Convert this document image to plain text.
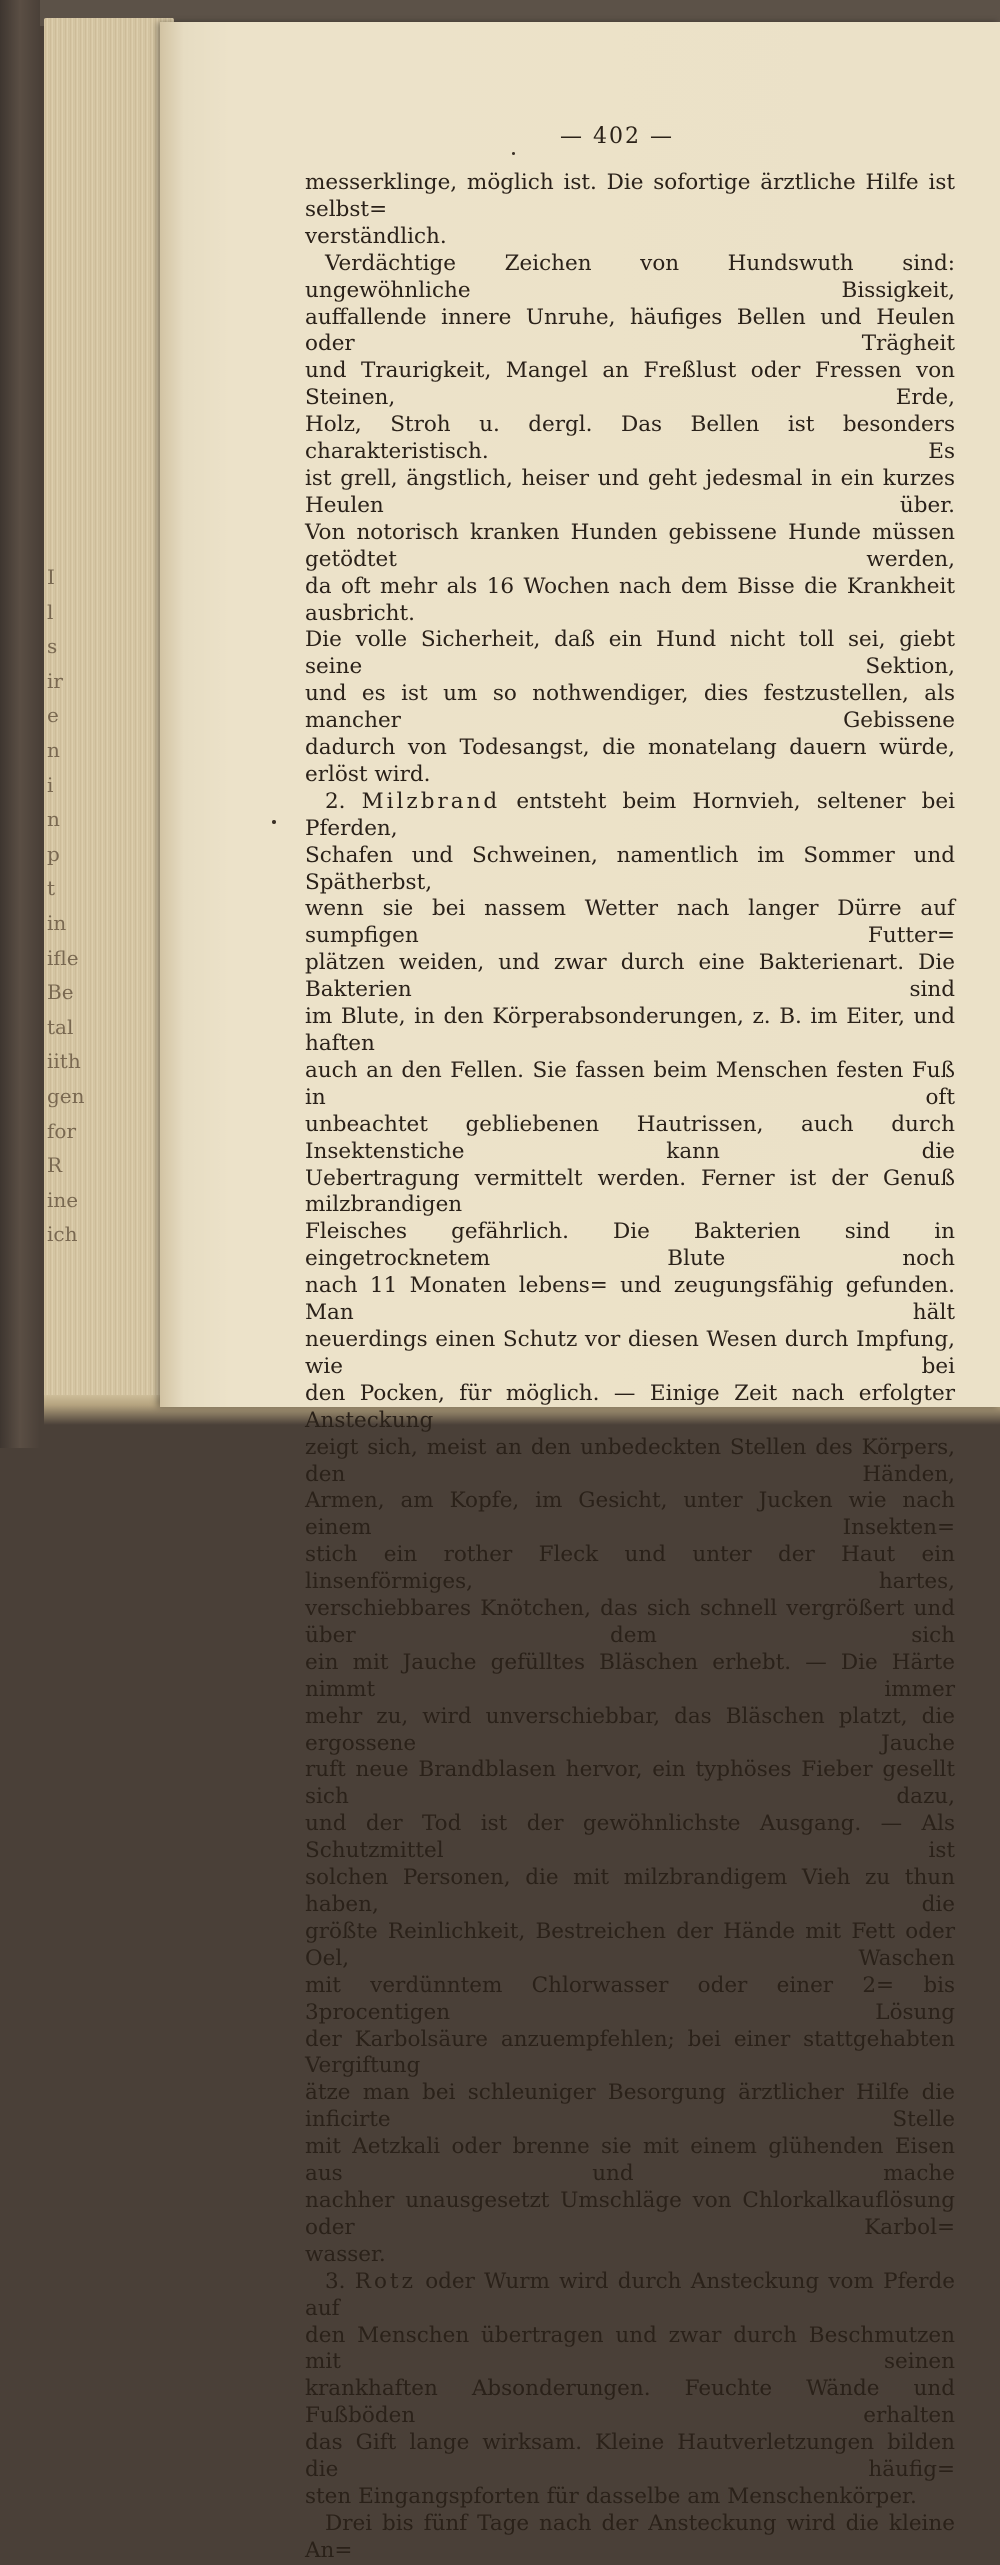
I
l
s
ir
e
n
i
n
p
t
in
ifle
Be
tal
iith
gen
for
R
ine
ich
— 402 —

messerklinge, möglich ist. Die sofortige ärztliche Hilfe ist selbst=

verständlich.

Verdächtige Zeichen von Hundswuth sind: ungewöhnliche Bissigkeit,

auffallende innere Unruhe, häufiges Bellen und Heulen oder Trägheit

und Traurigkeit, Mangel an Freßlust oder Fressen von Steinen, Erde,

Holz, Stroh u. dergl. Das Bellen ist besonders charakteristisch. Es

ist grell, ängstlich, heiser und geht jedesmal in ein kurzes Heulen über.

Von notorisch kranken Hunden gebissene Hunde müssen getödtet werden,

da oft mehr als 16 Wochen nach dem Bisse die Krankheit ausbricht.

Die volle Sicherheit, daß ein Hund nicht toll sei, giebt seine Sektion,

und es ist um so nothwendiger, dies festzustellen, als mancher Gebissene

dadurch von Todesangst, die monatelang dauern würde, erlöst wird.

2. Milzbrand entsteht beim Hornvieh, seltener bei Pferden,

Schafen und Schweinen, namentlich im Sommer und Spätherbst,

wenn sie bei nassem Wetter nach langer Dürre auf sumpfigen Futter=

plätzen weiden, und zwar durch eine Bakterienart. Die Bakterien sind

im Blute, in den Körperabsonderungen, z. B. im Eiter, und haften

auch an den Fellen. Sie fassen beim Menschen festen Fuß in oft

unbeachtet gebliebenen Hautrissen, auch durch Insektenstiche kann die

Uebertragung vermittelt werden. Ferner ist der Genuß milzbrandigen

Fleisches gefährlich. Die Bakterien sind in eingetrocknetem Blute noch

nach 11 Monaten lebens= und zeugungsfähig gefunden. Man hält

neuerdings einen Schutz vor diesen Wesen durch Impfung, wie bei

den Pocken, für möglich. — Einige Zeit nach erfolgter Ansteckung

zeigt sich, meist an den unbedeckten Stellen des Körpers, den Händen,

Armen, am Kopfe, im Gesicht, unter Jucken wie nach einem Insekten=

stich ein rother Fleck und unter der Haut ein linsenförmiges, hartes,

verschiebbares Knötchen, das sich schnell vergrößert und über dem sich

ein mit Jauche gefülltes Bläschen erhebt. — Die Härte nimmt immer

mehr zu, wird unverschiebbar, das Bläschen platzt, die ergossene Jauche

ruft neue Brandblasen hervor, ein typhöses Fieber gesellt sich dazu,

und der Tod ist der gewöhnlichste Ausgang. — Als Schutzmittel ist

solchen Personen, die mit milzbrandigem Vieh zu thun haben, die

größte Reinlichkeit, Bestreichen der Hände mit Fett oder Oel, Waschen

mit verdünntem Chlorwasser oder einer 2= bis 3procentigen Lösung

der Karbolsäure anzuempfehlen; bei einer stattgehabten Vergiftung

ätze man bei schleuniger Besorgung ärztlicher Hilfe die inficirte Stelle

mit Aetzkali oder brenne sie mit einem glühenden Eisen aus und mache

nachher unausgesetzt Umschläge von Chlorkalkauflösung oder Karbol=

wasser.

3. Rotz oder Wurm wird durch Ansteckung vom Pferde auf

den Menschen übertragen und zwar durch Beschmutzen mit seinen

krankhaften Absonderungen. Feuchte Wände und Fußböden erhalten

das Gift lange wirksam. Kleine Hautverletzungen bilden die häufig=

sten Eingangspforten für dasselbe am Menschenkörper.

Drei bis fünf Tage nach der Ansteckung wird die kleine An=
